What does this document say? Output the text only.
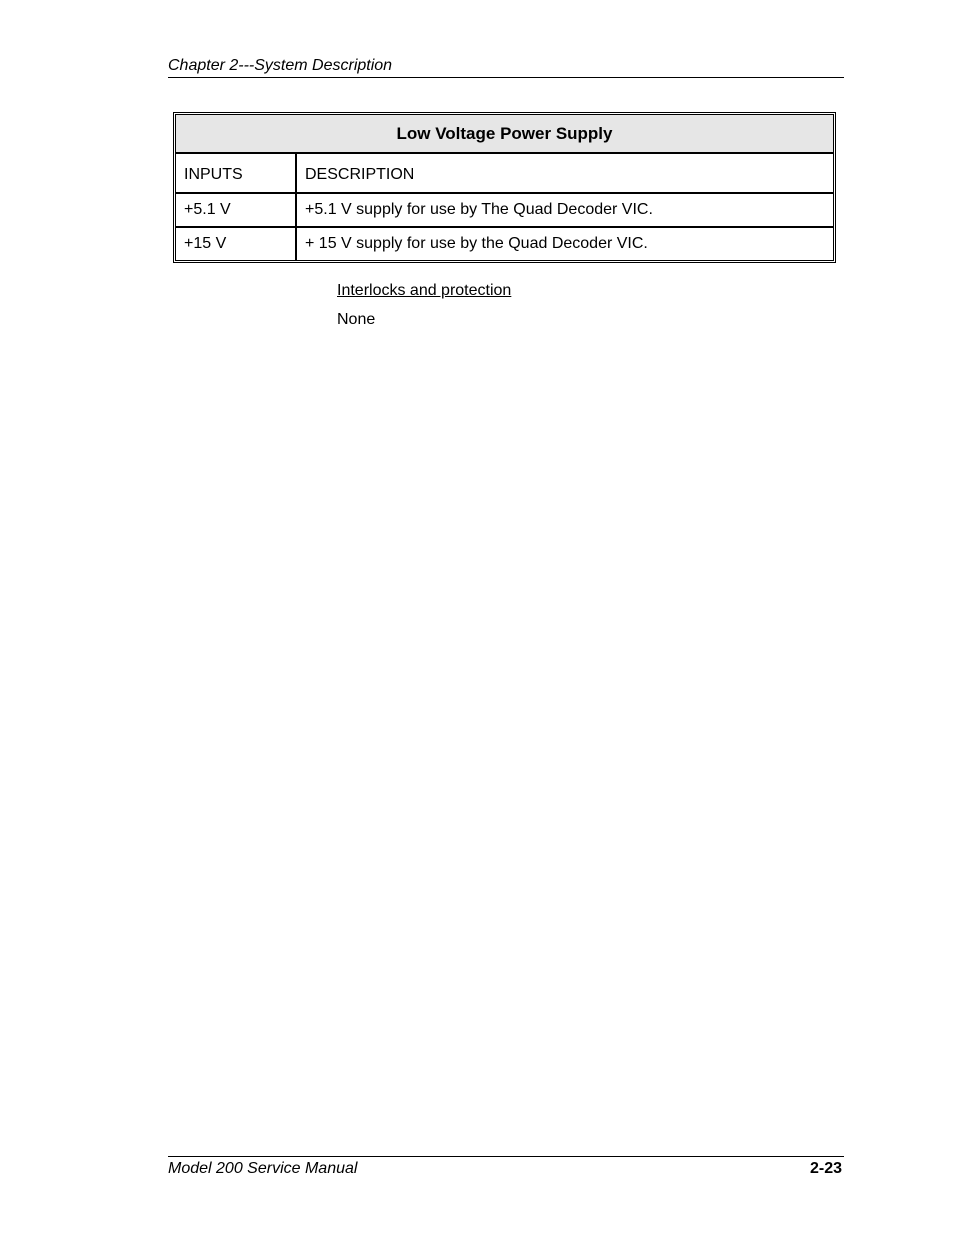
Chapter 2---System Description
Low Voltage Power Supply	
INPUTS	DESCRIPTION
+5.1 V	+5.1 V supply for use by The Quad Decoder VIC.
+15 V	+ 15 V supply for use by the Quad Decoder VIC.
Interlocks and protection
None
Model 200 Service Manual	2-23
